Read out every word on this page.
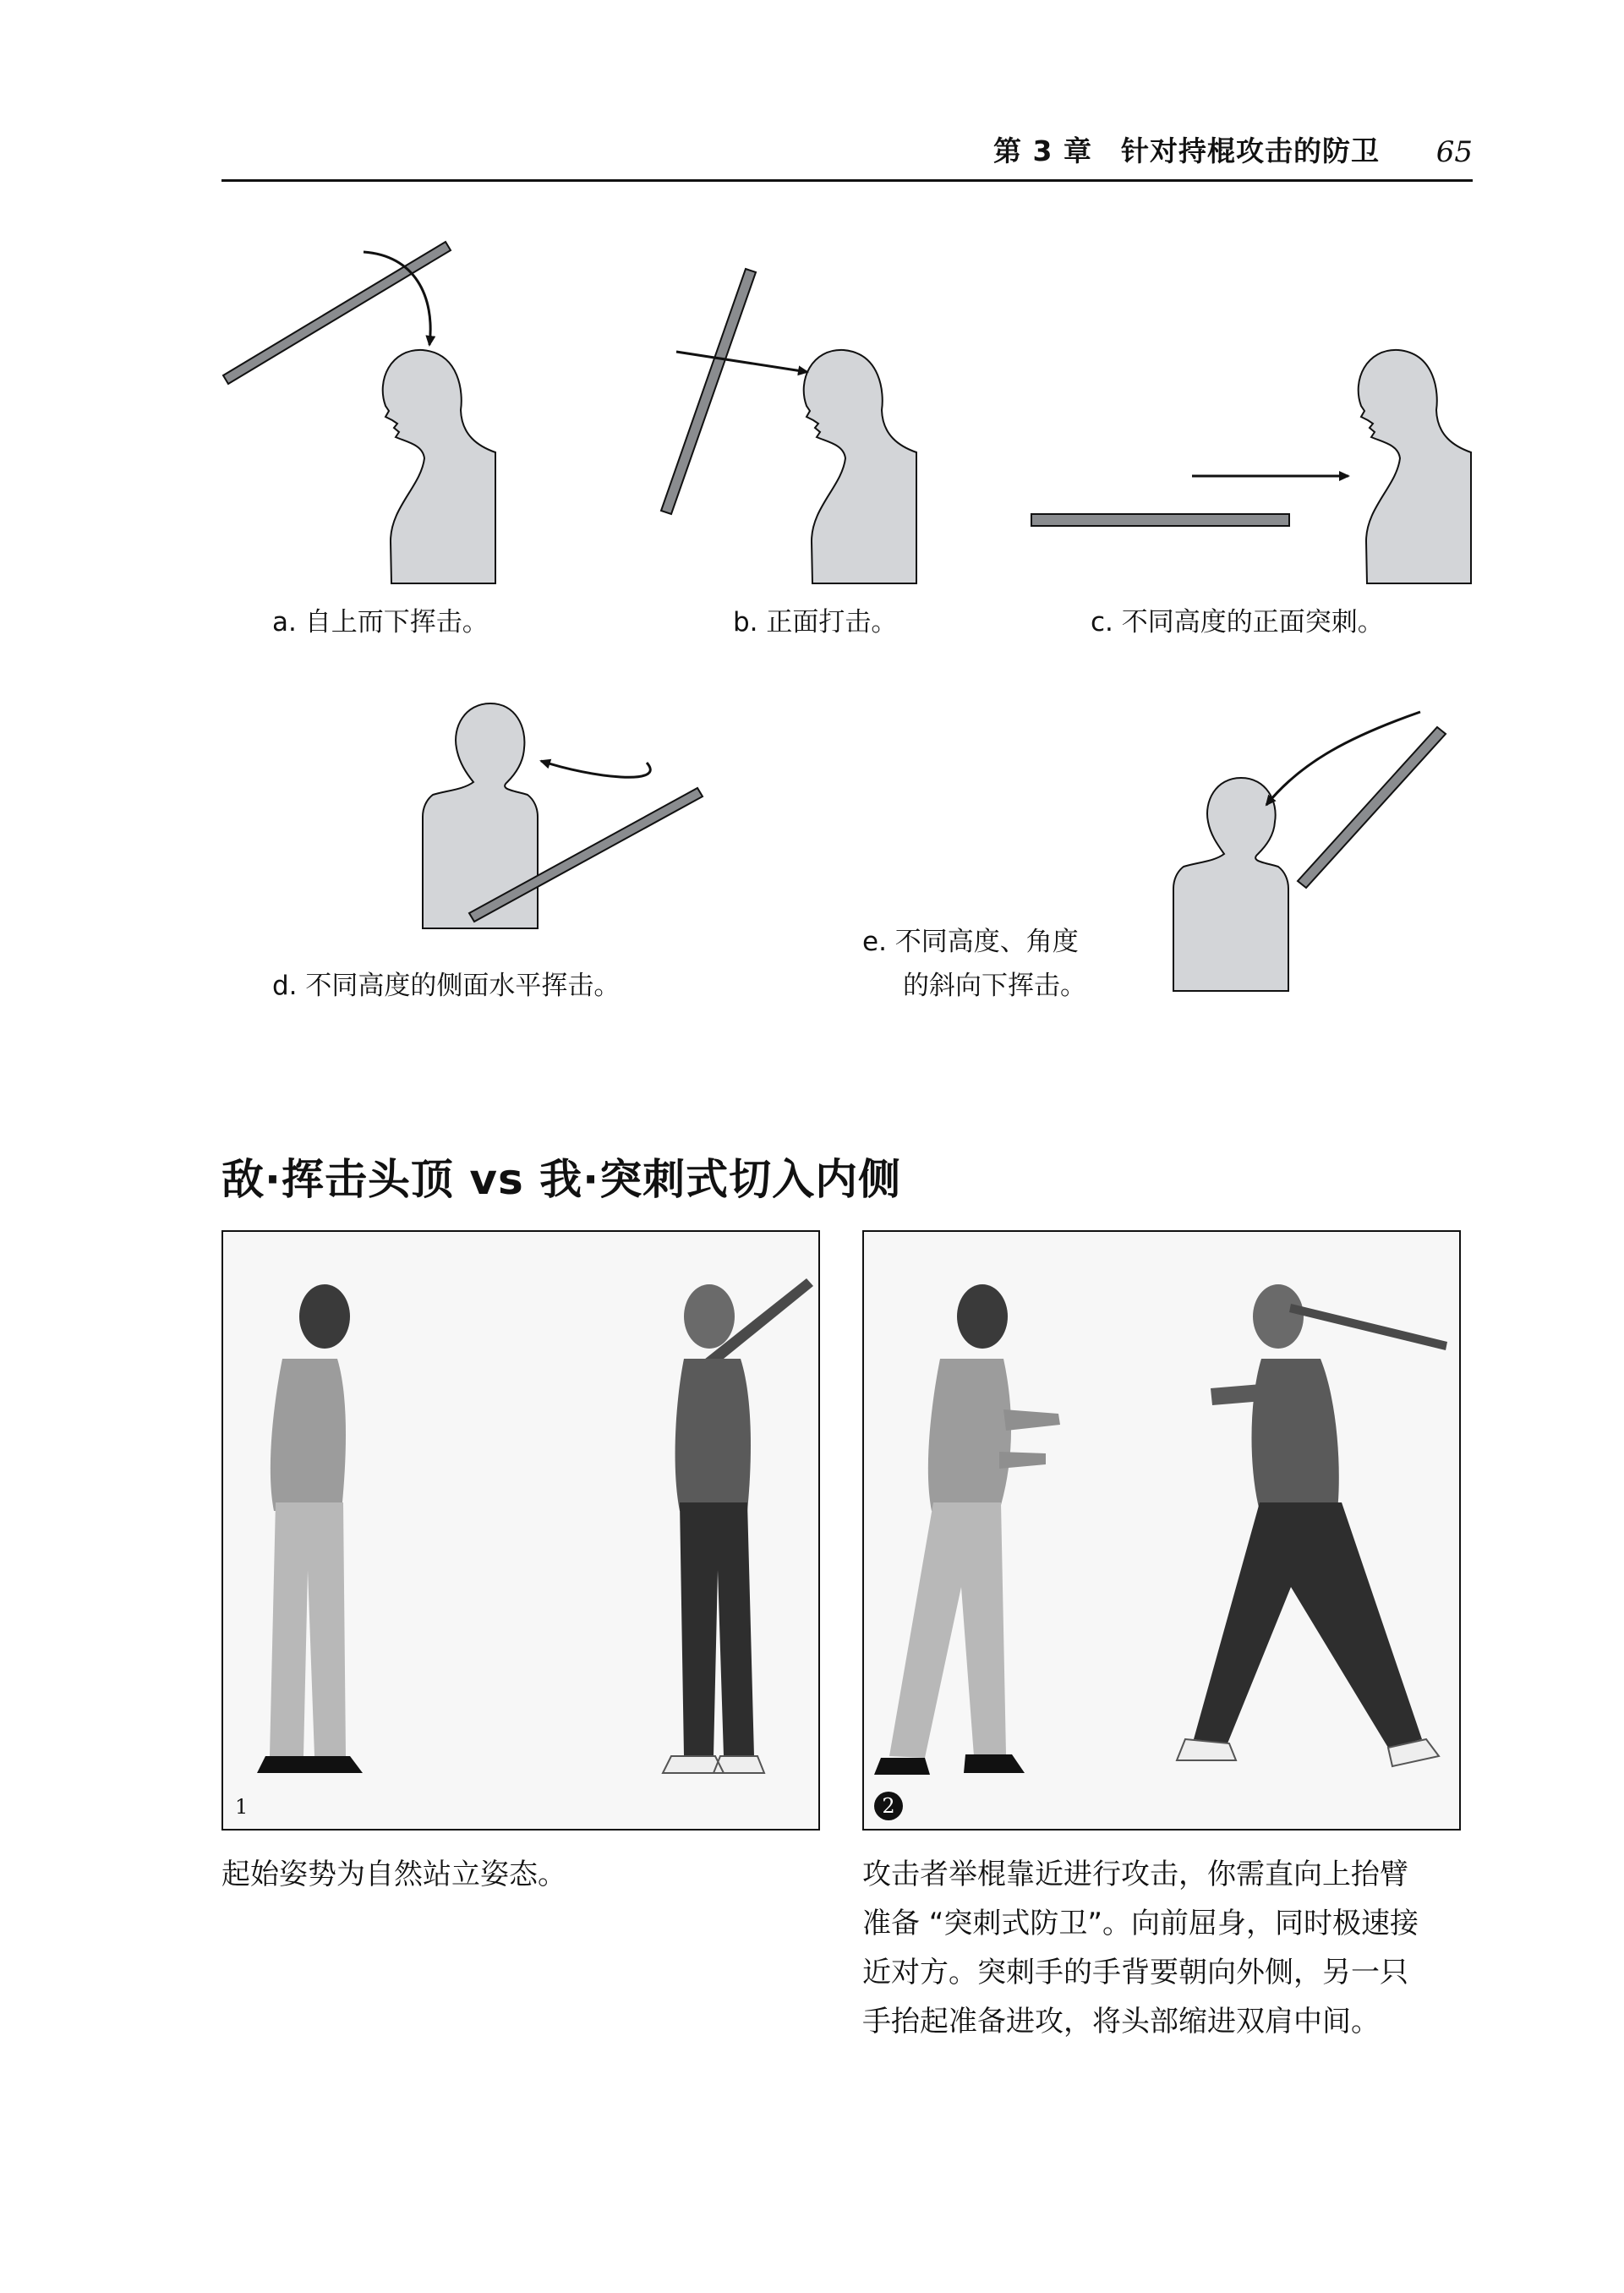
第 3 章　针对持棍攻击的防卫 65
a. 自上而下挥击。	b. 正面打击。	c. 不同高度的正面突刺。
d. 不同高度的侧面水平挥击。
e. 不同高度、角度
的斜向下挥击。
敌·挥击头顶 vs 我·突刺式切入内侧
1	2
起始姿势为自然站立姿态。	攻击者举棍靠近进行攻击，你需直向上抬臂
准备 “突刺式防卫”。向前屈身，同时极速接
近对方。突刺手的手背要朝向外侧，另一只
手抬起准备进攻，将头部缩进双肩中间。
